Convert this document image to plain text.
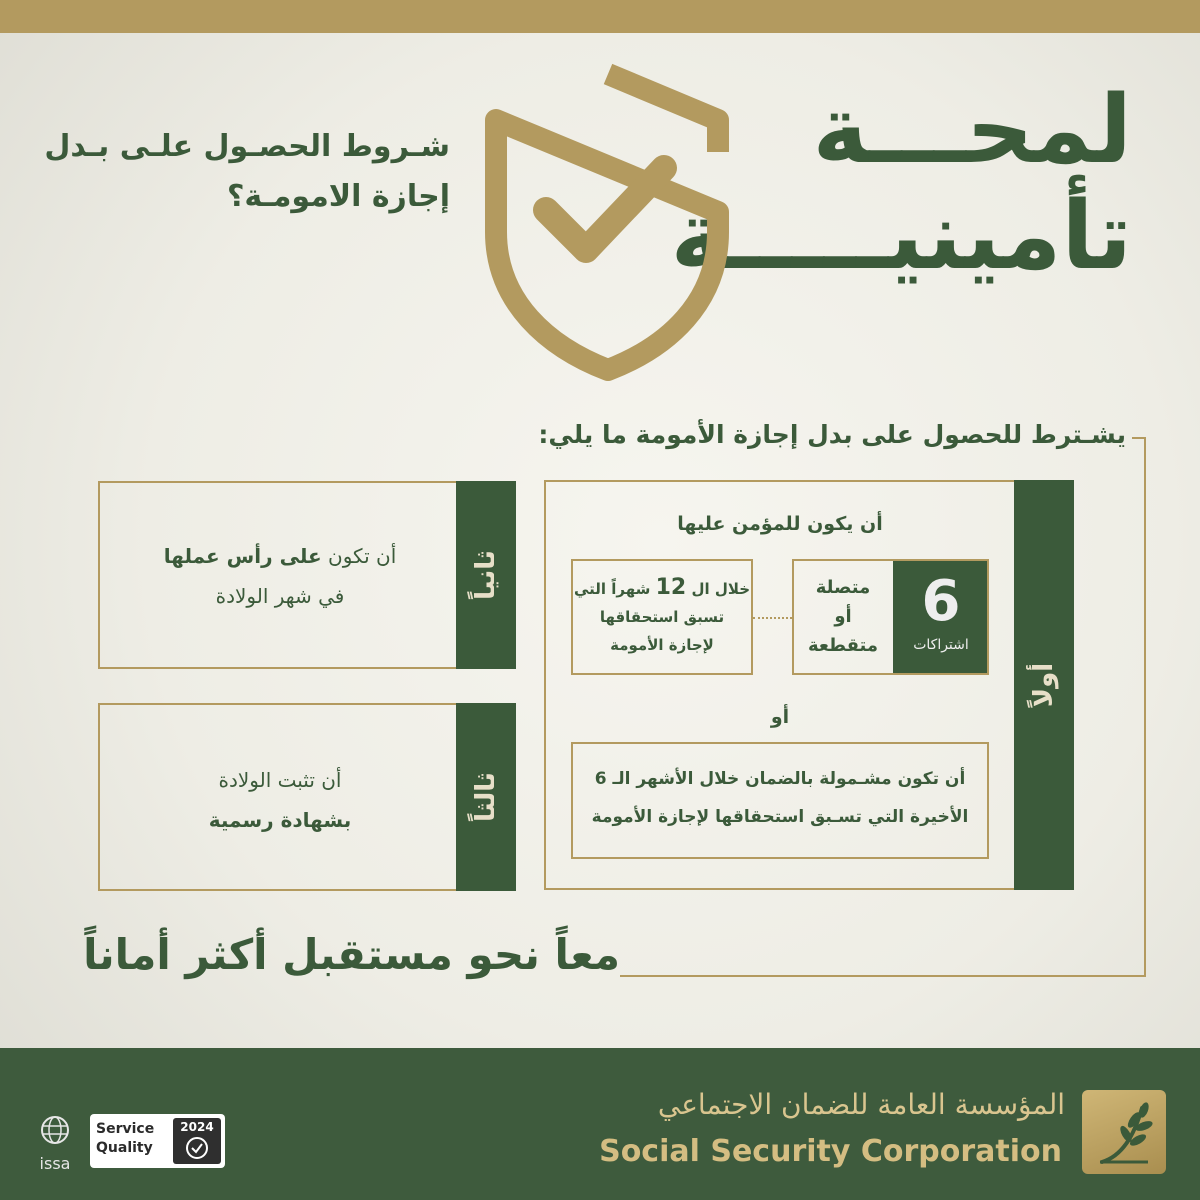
لمحـــة
تأمينيـــــة
شـروط الحصـول علـى بـدل
إجازة الامومـة؟
يشـترط للحصول على بدل إجازة الأمومة ما يلي:
أولاً
أن يكون للمؤمن عليها
6
اشتراكات
متصلة
أو
متقطعة
خلال ال 12 شهراً التي
تسبق استحقاقها
لإجازة الأمومة
أو
أن تكون مشـمولة بالضمان خلال الأشهر الـ 6
الأخيرة التي تسـبق استحقاقها لإجازة الأمومة
ثانياً
أن تكون على رأس عملها
في شهر الولادة
ثالثاً
أن تثبت الولادة
بشهادة رسمية
معاً نحو مستقبل أكثر أماناً
issa
Service
Quality
2024
المؤسسة العامة للضمان الاجتماعي
Social Security Corporation
